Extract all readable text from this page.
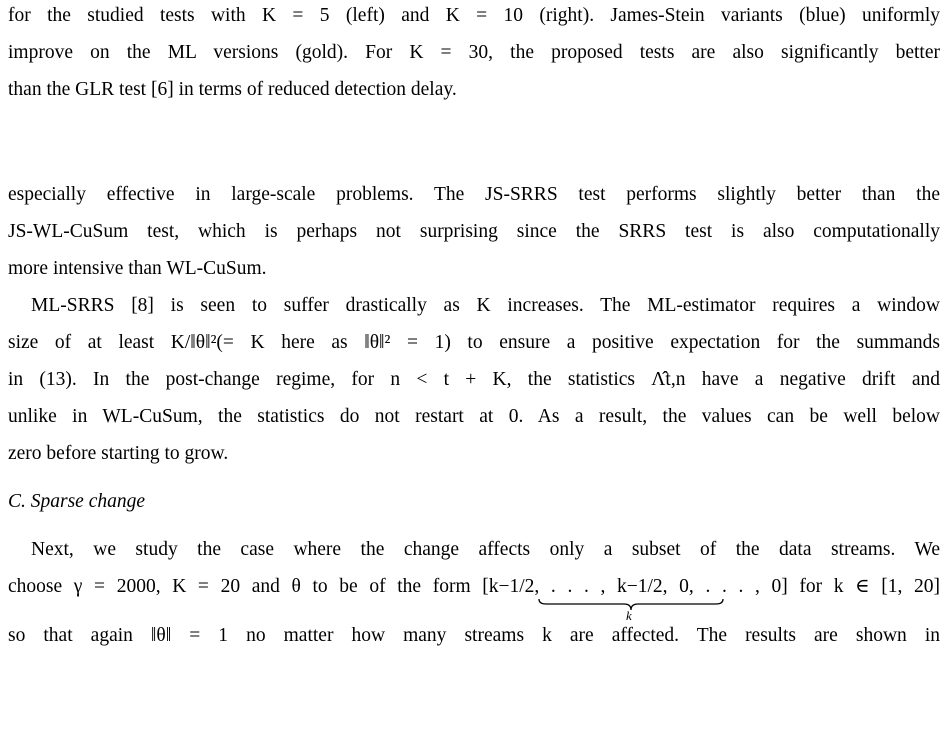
for the studied tests with K = 5 (left) and K = 10 (right). James-Stein variants (blue) uniformly
improve on the ML versions (gold). For K = 30, the proposed tests are also significantly better
than the GLR test [6] in terms of reduced detection delay.
especially effective in large-scale problems. The JS-SRRS test performs slightly better than the
JS-WL-CuSum test, which is perhaps not surprising since the SRRS test is also computationally
more intensive than WL-CuSum.
ML-SRRS [8] is seen to suffer drastically as K increases. The ML-estimator requires a window
size of at least K/‖θ‖²(= K here as ‖θ‖² = 1) to ensure a positive expectation for the summands
in (13). In the post-change regime, for n < t + K, the statistics Λ̂t,n have a negative drift and
unlike in WL-CuSum, the statistics do not restart at 0. As a result, the values can be well below
zero before starting to grow.
C. Sparse change
Next, we study the case where the change affects only a subset of the data streams. We
choose γ = 2000, K = 20 and θ to be of the form [k−1/2, . . . , k−1/2, 0, . . . , 0] for k ∈ [1, 20]
k
so that again ‖θ‖ = 1 no matter how many streams k are affected. The results are shown in
